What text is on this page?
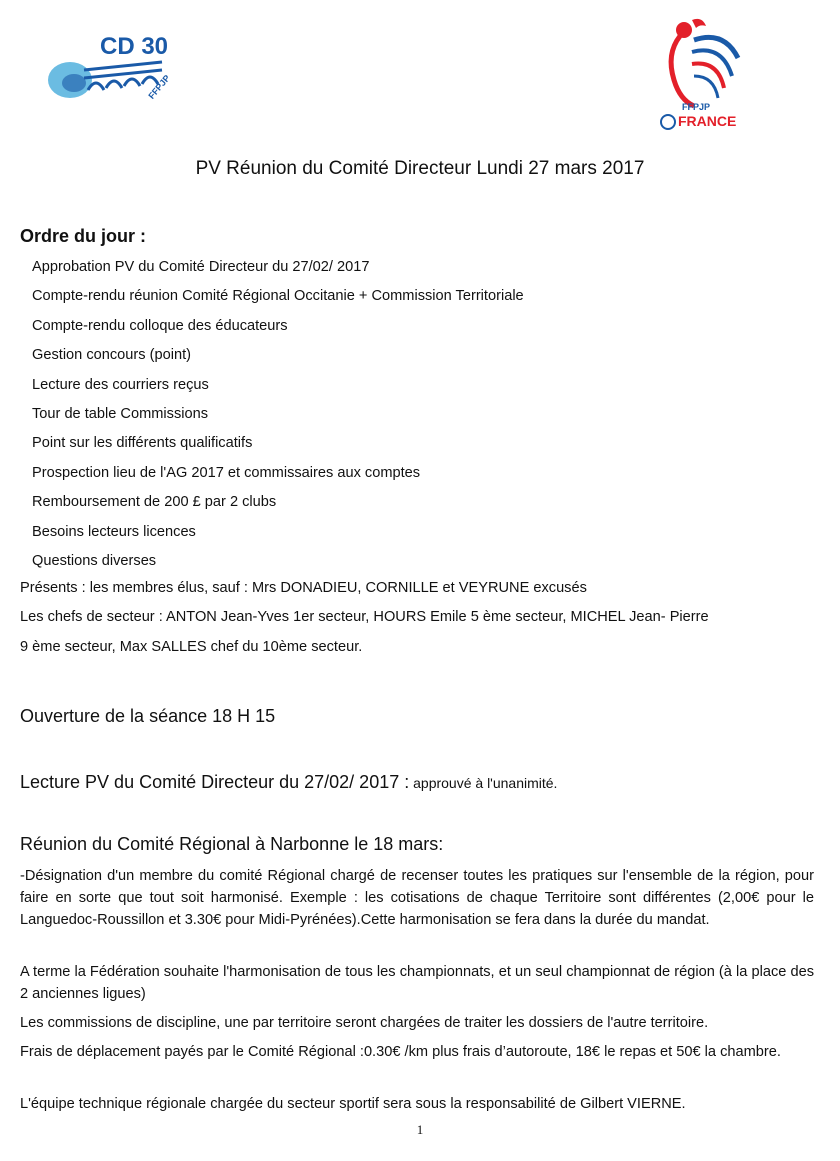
CD 30
FFPJP
FFPJP
FRANCE
PV Réunion du Comité Directeur Lundi 27 mars 2017
Ordre du jour :
Approbation PV du Comité Directeur du 27/02/ 2017
Compte-rendu réunion Comité Régional Occitanie + Commission Territoriale
Compte-rendu colloque des éducateurs
Gestion concours (point)
Lecture des courriers reçus
Tour de table Commissions
Point sur les différents qualificatifs
Prospection lieu de l'AG 2017 et commissaires aux comptes
Remboursement de 200 £ par 2 clubs
Besoins lecteurs licences
Questions diverses
Présents : les membres élus, sauf : Mrs DONADIEU, CORNILLE et VEYRUNE excusés
Les chefs de secteur : ANTON Jean-Yves 1er secteur, HOURS Emile 5 ème secteur, MICHEL Jean- Pierre
9 ème secteur, Max SALLES chef du 10ème secteur.
Ouverture de la séance 18 H 15
Lecture PV du Comité Directeur du 27/02/ 2017 : approuvé à l'unanimité.
Réunion du Comité Régional à Narbonne le 18 mars:

-Désignation d'un membre du comité Régional chargé de recenser toutes les pratiques sur l'ensemble de la région, pour faire en sorte que tout soit harmonisé. Exemple : les cotisations de chaque Territoire sont différentes (2,00€ pour le Languedoc-Roussillon et 3.30€ pour Midi-Pyrénées).Cette harmonisation se fera dans la durée du mandat.

A terme la Fédération souhaite l'harmonisation de tous les championnats, et un seul championnat de région (à la place des 2 anciennes ligues)

Les commissions de discipline, une par territoire seront chargées de traiter les dossiers de l'autre territoire.

Frais de déplacement payés par le Comité Régional :0.30€ /km plus frais d’autoroute, 18€ le repas et 50€ la chambre.

L'équipe technique régionale chargée du secteur sportif sera sous la responsabilité de Gilbert VIERNE.

1
